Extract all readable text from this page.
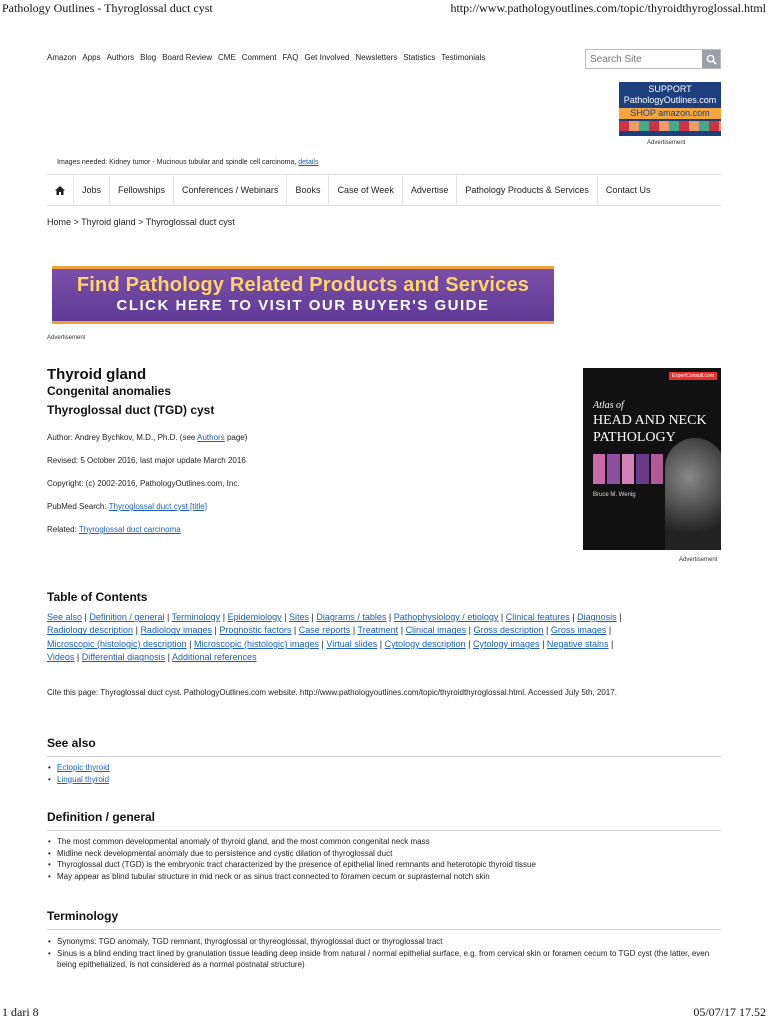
Pathology Outlines - Thyroglossal duct cyst	http://www.pathologyoutlines.com/topic/thyroidthyroglossal.html
Amazon Apps Authors Blog Board Review CME Comment FAQ Get Involved Newsletters Statistics Testimonials
Search Site
SUPPORT
PathologyOutlines.com
SHOP amazon.com
Advertisement
Images needed: Kidney tumor - Mucinous tubular and spindle cell carcinoma, details
Jobs	Fellowships	Conferences / Webinars	Books	Case of Week	Advertise	Pathology Products & Services	Contact Us
Home > Thyroid gland > Thyroglossal duct cyst
Find Pathology Related Products and Services
CLICK HERE TO VISIT OUR BUYER'S GUIDE
Advertisement
Thyroid gland
Congenital anomalies
Thyroglossal duct (TGD) cyst
Author: Andrey Bychkov, M.D., Ph.D. (see Authors page)
Revised: 5 October 2016, last major update March 2016
Copyright: (c) 2002-2016, PathologyOutlines.com, Inc.
PubMed Search: Thyroglossal duct cyst [title]
Related: Thyroglossal duct carcinoma
ExpertConsult.com
Atlas of
HEAD AND NECK
PATHOLOGY
Bruce M. Wenig
Advertisement
Table of Contents
See also | Definition / general | Terminology | Epidemiology | Sites | Diagrams / tables | Pathophysiology / etiology | Clinical features | Diagnosis |
Radiology description | Radiology images | Prognostic factors | Case reports | Treatment | Clinical images | Gross description | Gross images |
Microscopic (histologic) description | Microscopic (histologic) images | Virtual slides | Cytology description | Cytology images | Negative stains |
Videos | Differential diagnosis | Additional references
Cite this page: Thyroglossal duct cyst. PathologyOutlines.com website. http://www.pathologyoutlines.com/topic/thyroidthyroglossal.html. Accessed July 5th, 2017.
See also
• Ectopic thyroid
• Lingual thyroid
Definition / general
• The most common developmental anomaly of thyroid gland, and the most common congenital neck mass
• Midline neck developmental anomaly due to persistence and cystic dilation of thyroglossal duct
• Thyroglossal duct (TGD) is the embryonic tract characterized by the presence of epithelial lined remnants and heterotopic thyroid tissue
• May appear as blind tubular structure in mid neck or as sinus tract connected to foramen cecum or suprasternal notch skin
Terminology
• Synonyms: TGD anomaly, TGD remnant, thyroglossal or thyreoglossal, thyroglossal duct or thyroglossal tract
• Sinus is a blind ending tract lined by granulation tissue leading deep inside from natural / normal epithelial surface, e.g. from cervical skin or foramen cecum to TGD cyst (the latter, even being epithelialized, is not considered as a normal postnatal structure)
1 dari 8	05/07/17 17.52
